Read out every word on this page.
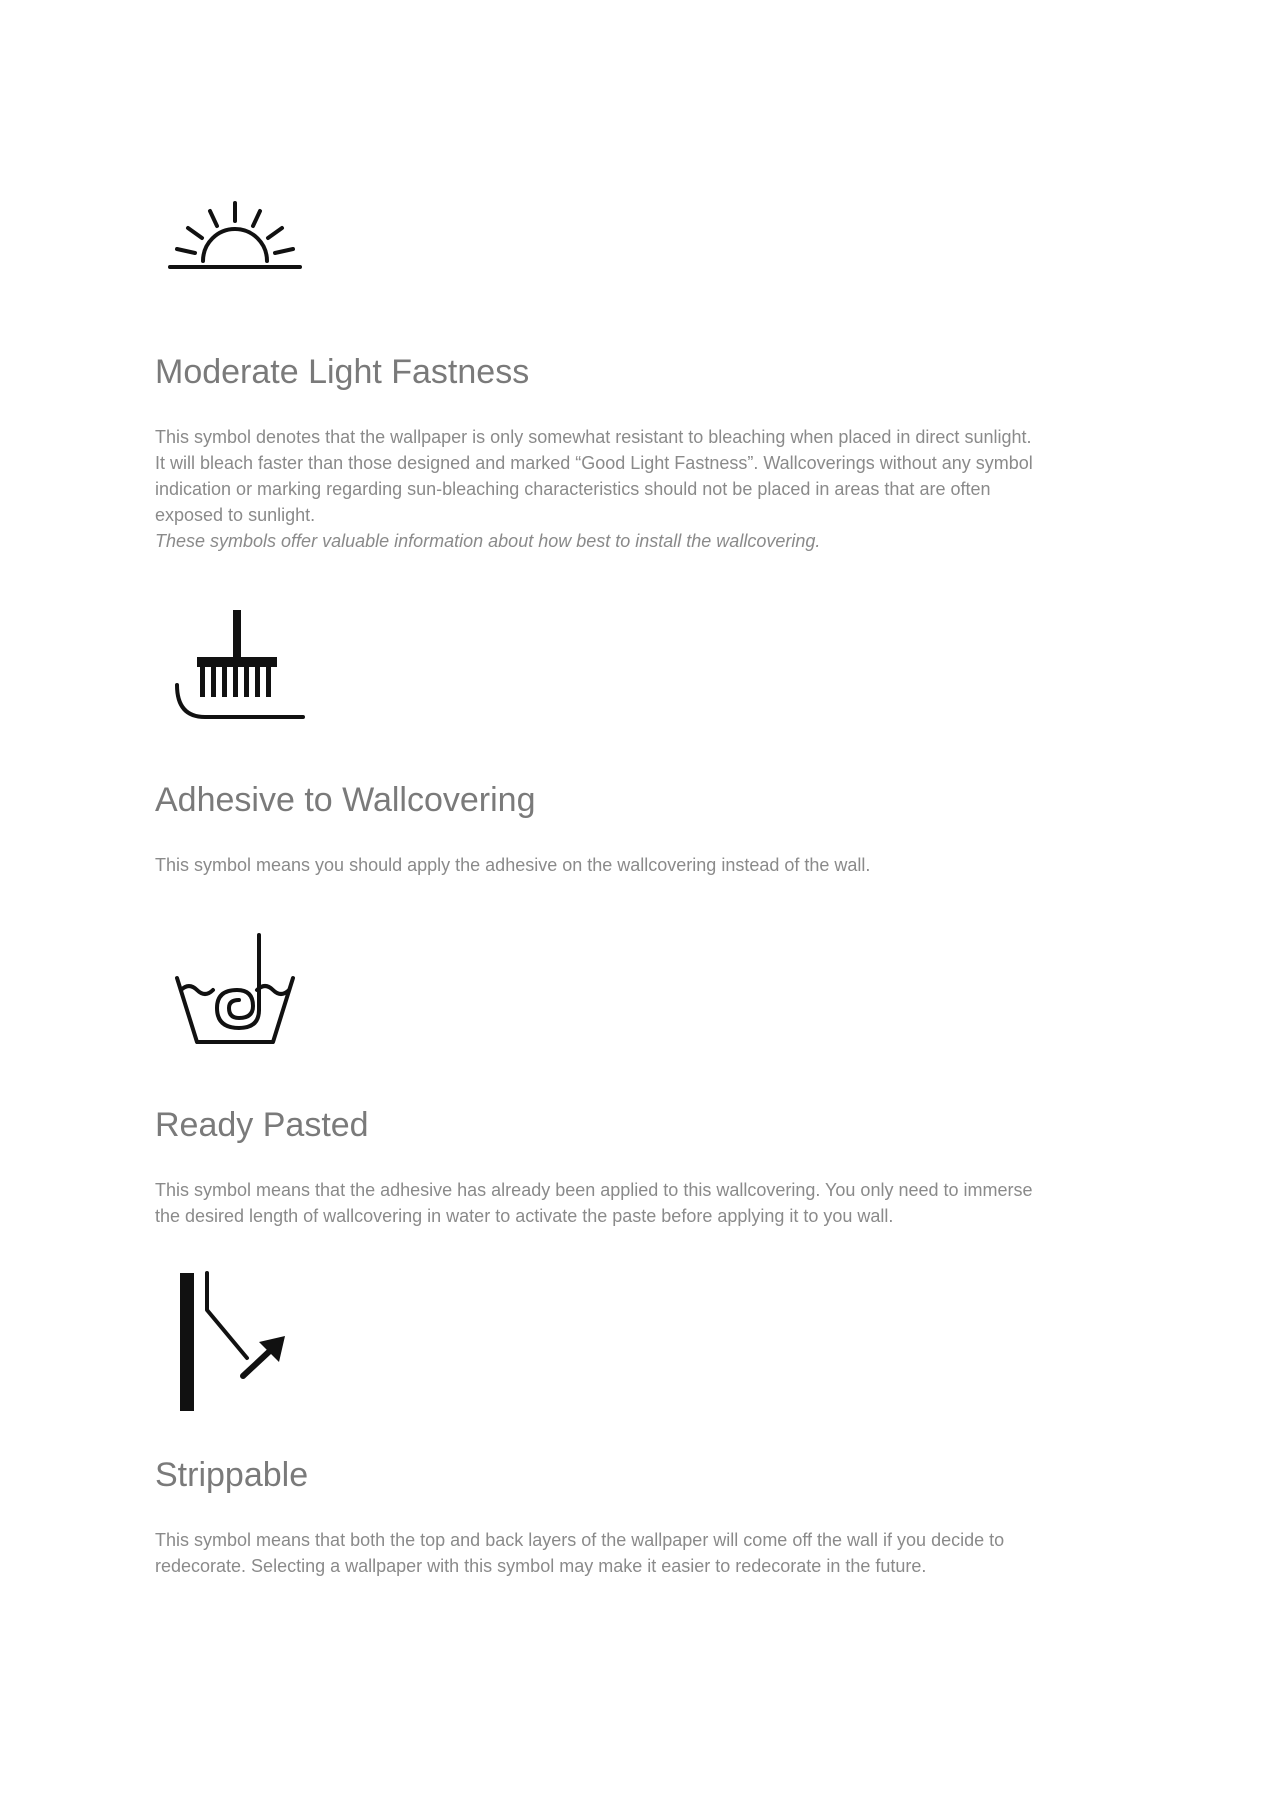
Moderate Light Fastness

This symbol denotes that the wallpaper is only somewhat resistant to bleaching when placed in direct sunlight.
It will bleach faster than those designed and marked “Good Light Fastness”. Wallcoverings without any symbol
indication or marking regarding sun-bleaching characteristics should not be placed in areas that are often
exposed to sunlight.
These symbols offer valuable information about how best to install the wallcovering.

Adhesive to Wallcovering

This symbol means you should apply the adhesive on the wallcovering instead of the wall.

Ready Pasted

This symbol means that the adhesive has already been applied to this wallcovering. You only need to immerse
the desired length of wallcovering in water to activate the paste before applying it to you wall.

Strippable

This symbol means that both the top and back layers of the wallpaper will come off the wall if you decide to
redecorate. Selecting a wallpaper with this symbol may make it easier to redecorate in the future.
